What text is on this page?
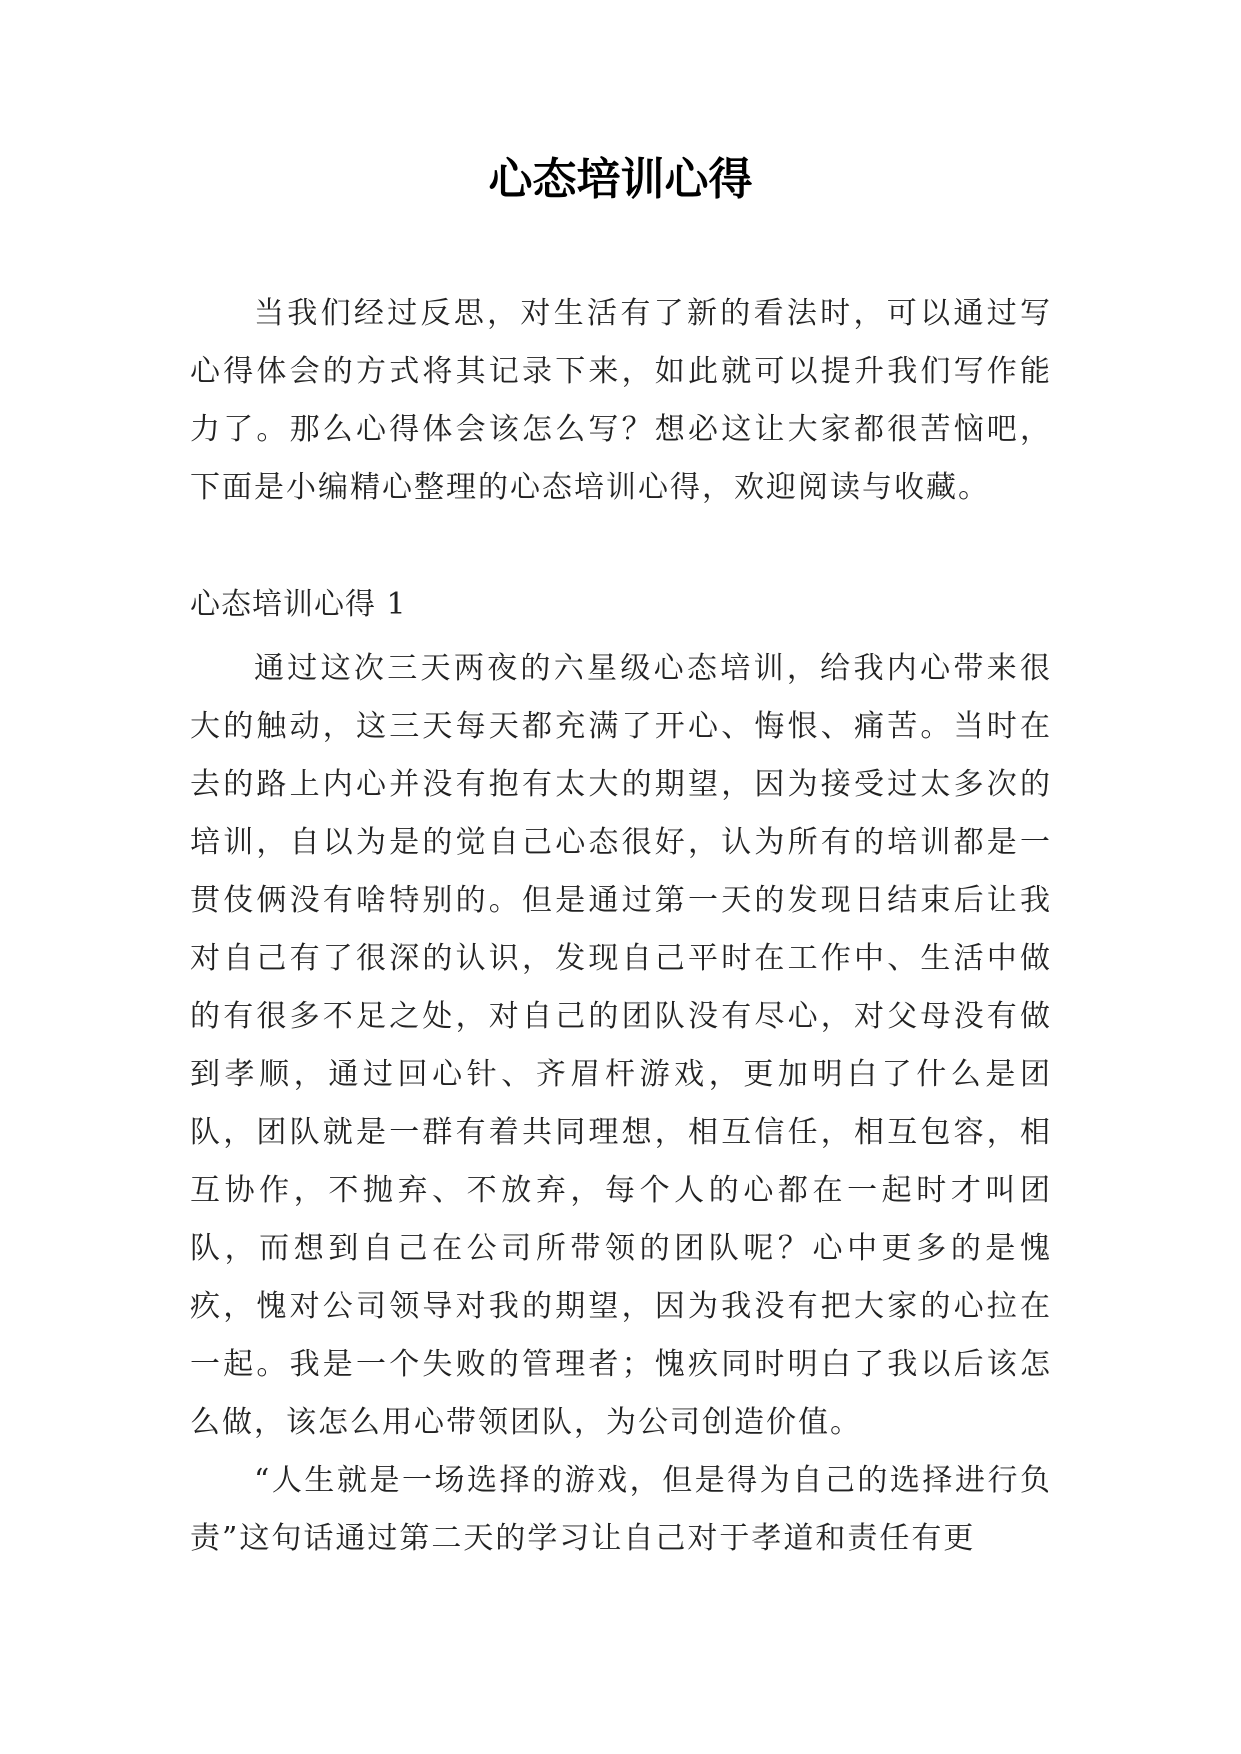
心态培训心得

当我们经过反思，对生活有了新的看法时，可以通过写心得体会的方式将其记录下来，如此就可以提升我们写作能力了。那么心得体会该怎么写？想必这让大家都很苦恼吧，下面是小编精心整理的心态培训心得，欢迎阅读与收藏。

心态培训心得 1

通过这次三天两夜的六星级心态培训，给我内心带来很大的触动，这三天每天都充满了开心、悔恨、痛苦。当时在去的路上内心并没有抱有太大的期望，因为接受过太多次的培训，自以为是的觉自己心态很好，认为所有的培训都是一贯伎俩没有啥特别的。但是通过第一天的发现日结束后让我对自己有了很深的认识，发现自己平时在工作中、生活中做的有很多不足之处，对自己的团队没有尽心，对父母没有做到孝顺，通过回心针、齐眉杆游戏，更加明白了什么是团队，团队就是一群有着共同理想，相互信任，相互包容，相互协作，不抛弃、不放弃，每个人的心都在一起时才叫团队，而想到自己在公司所带领的团队呢？心中更多的是愧疚，愧对公司领导对我的期望，因为我没有把大家的心拉在一起。我是一个失败的管理者；愧疚同时明白了我以后该怎么做，该怎么用心带领团队，为公司创造价值。

“人生就是一场选择的游戏，但是得为自己的选择进行负责”这句话通过第二天的学习让自己对于孝道和责任有更
